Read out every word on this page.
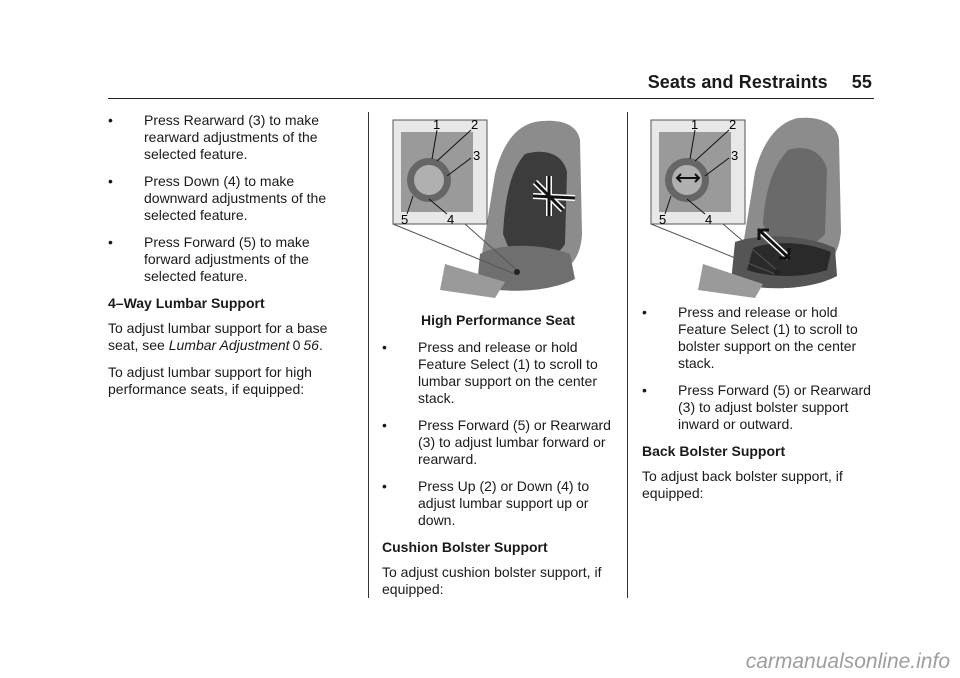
Seats and Restraints 55
• Press Rearward (3) to make rearward adjustments of the selected feature.
• Press Down (4) to make downward adjustments of the selected feature.
• Press Forward (5) to make forward adjustments of the selected feature.
4–Way Lumbar Support
To adjust lumbar support for a base seat, see Lumbar Adjustment 0 56.
To adjust lumbar support for high performance seats, if equipped:
1 2
3
4
5
High Performance Seat
• Press and release or hold Feature Select (1) to scroll to lumbar support on the center stack.
• Press Forward (5) or Rearward (3) to adjust lumbar forward or rearward.
• Press Up (2) or Down (4) to adjust lumbar support up or down.
Cushion Bolster Support
To adjust cushion bolster support, if equipped:
1 2
3
4
5
• Press and release or hold Feature Select (1) to scroll to bolster support on the center stack.
• Press Forward (5) or Rearward (3) to adjust bolster support inward or outward.
Back Bolster Support
To adjust back bolster support, if equipped:
carmanualsonline.info
